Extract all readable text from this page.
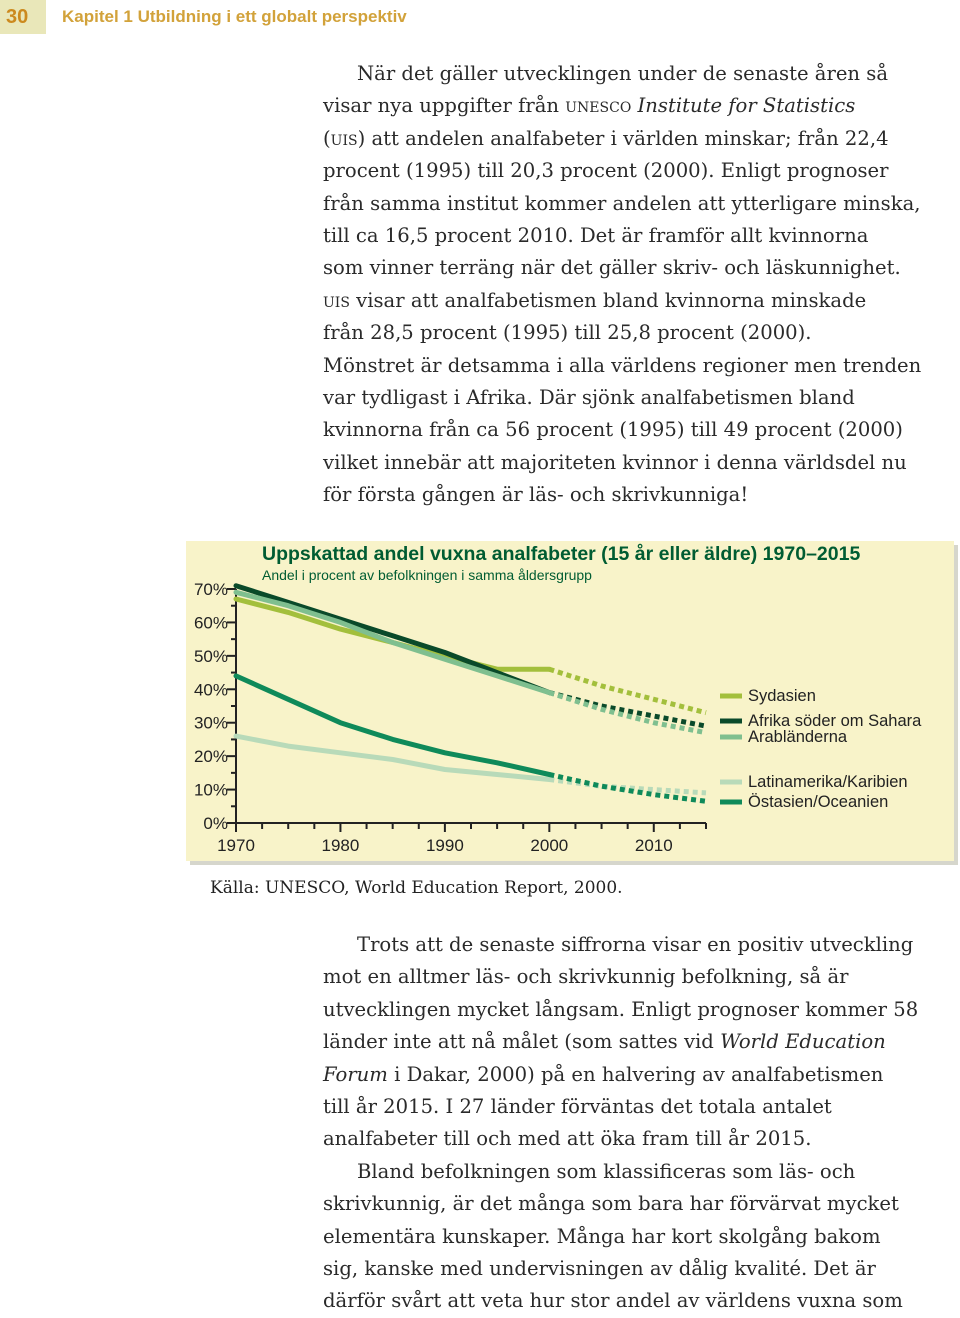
30 Kapitel 1 Utbildning i ett globalt perspektiv

När det gäller utvecklingen under de senaste åren så

visar nya uppgifter från unesco Institute for Statistics

(uis) att andelen analfabeter i världen minskar; från 22,4

procent (1995) till 20,3 procent (2000). Enligt prognoser

från samma institut kommer andelen att ytterligare minska,

till ca 16,5 procent 2010. Det är framför allt kvinnorna

som vinner terräng när det gäller skriv- och läskunnighet.

uis visar att analfabetismen bland kvinnorna minskade

från 28,5 procent (1995) till 25,8 procent (2000).

Mönstret är detsamma i alla världens regioner men trenden

var tydligast i Afrika. Där sjönk analfabetismen bland

kvinnorna från ca 56 procent (1995) till 49 procent (2000)

vilket innebär att majoriteten kvinnor i denna världsdel nu

för första gången är läs- och skrivkunniga!

1970	1980	1990	2000	2010
0%
10%
20%
30%
40%
50%
60%
70%
Sydasien
Afrika söder om Sahara
Arabländerna
Latinamerika/Karibien
Östasien/Oceanien
Uppskattad andel vuxna analfabeter (15 år eller äldre) 1970–2015
Andel i procent av befolkningen i samma åldersgrupp
Källa: UNESCO, World Education Report, 2000.

Trots att de senaste siffrorna visar en positiv utveckling

mot en alltmer läs- och skrivkunnig befolkning, så är

utvecklingen mycket långsam. Enligt prognoser kommer 58

länder inte att nå målet (som sattes vid World Education

Forum i Dakar, 2000) på en halvering av analfabetismen

till år 2015. I 27 länder förväntas det totala antalet

analfabeter till och med att öka fram till år 2015.

Bland befolkningen som klassificeras som läs- och

skrivkunnig, är det många som bara har förvärvat mycket

elementära kunskaper. Många har kort skolgång bakom

sig, kanske med undervisningen av dålig kvalité. Det är

därför svårt att veta hur stor andel av världens vuxna som
